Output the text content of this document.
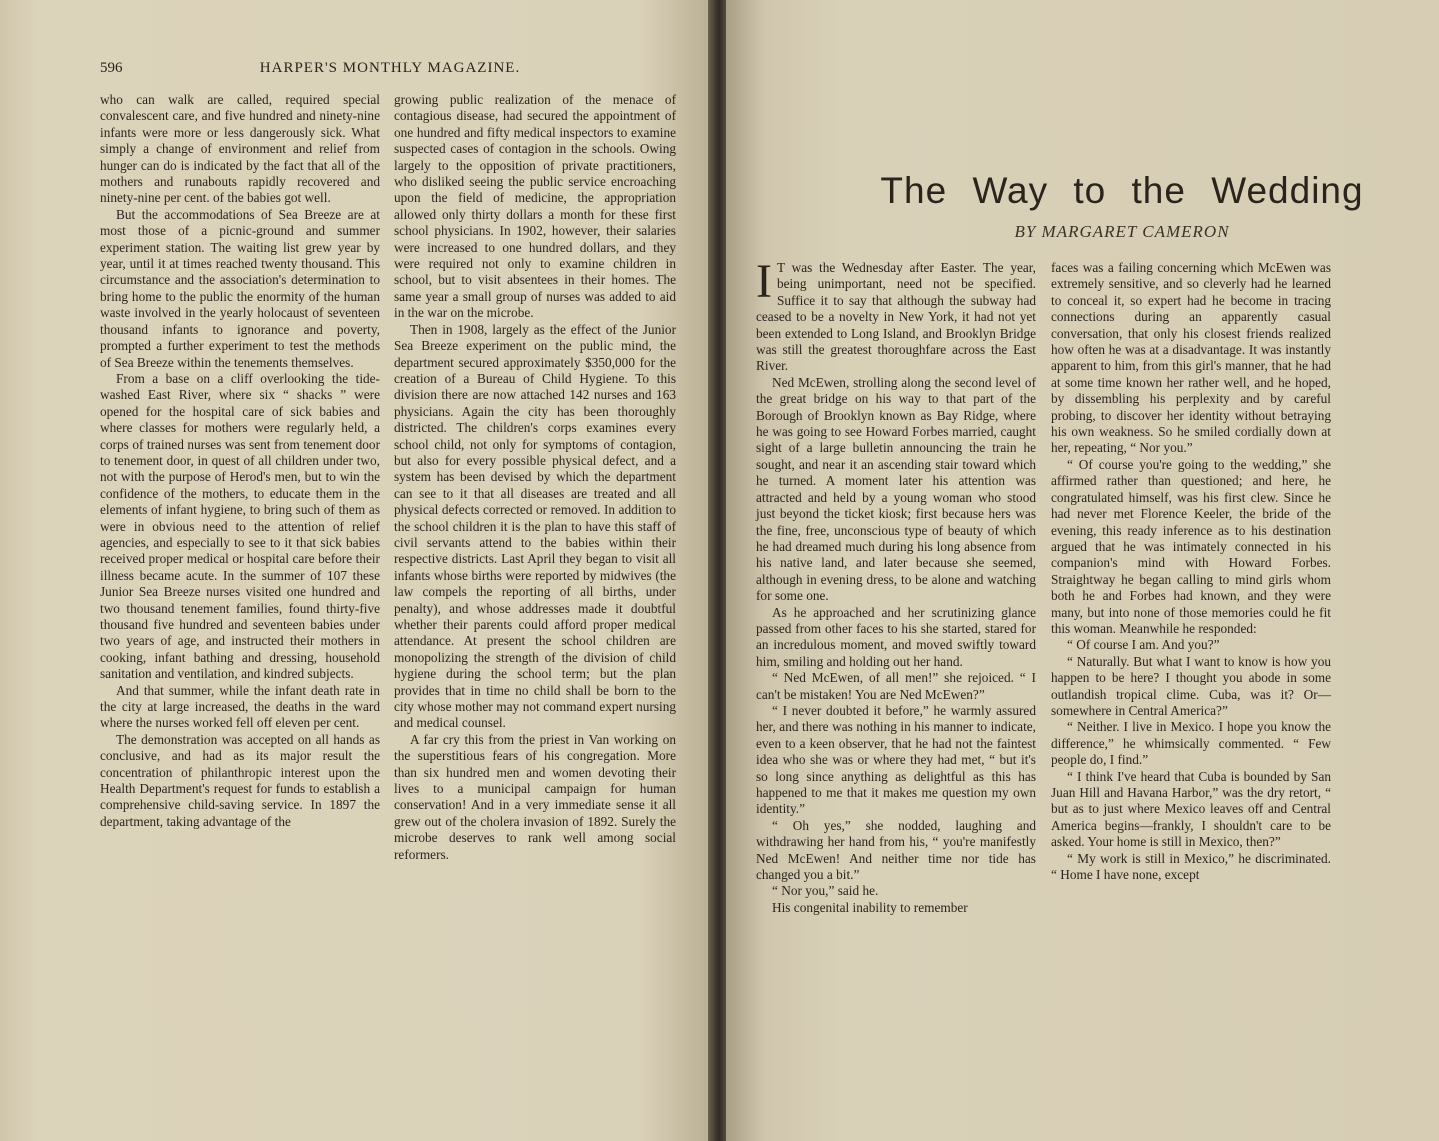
596	HARPER'S MONTHLY MAGAZINE.

who can walk are called, required special convalescent care, and five hundred and ninety-nine infants were more or less dangerously sick. What simply a change of environment and relief from hunger can do is indicated by the fact that all of the mothers and runabouts rapidly recovered and ninety-nine per cent. of the babies got well.

But the accommodations of Sea Breeze are at most those of a picnic-ground and summer experiment station. The waiting list grew year by year, until it at times reached twenty thousand. This circumstance and the association's determination to bring home to the public the enormity of the human waste involved in the yearly holocaust of seventeen thousand infants to ignorance and poverty, prompted a further experiment to test the methods of Sea Breeze within the tenements themselves.

From a base on a cliff overlooking the tide-washed East River, where six “ shacks ” were opened for the hospital care of sick babies and where classes for mothers were regularly held, a corps of trained nurses was sent from tenement door to tenement door, in quest of all children under two, not with the purpose of Herod's men, but to win the confidence of the mothers, to educate them in the elements of infant hygiene, to bring such of them as were in obvious need to the attention of relief agencies, and especially to see to it that sick babies received proper medical or hospital care before their illness became acute. In the summer of 107 these Junior Sea Breeze nurses visited one hundred and two thousand tenement families, found thirty-five thousand five hundred and seventeen babies under two years of age, and instructed their mothers in cooking, infant bathing and dressing, household sanitation and ventilation, and kindred subjects.

And that summer, while the infant death rate in the city at large increased, the deaths in the ward where the nurses worked fell off eleven per cent.

The demonstration was accepted on all hands as conclusive, and had as its major result the concentration of philanthropic interest upon the Health Department's request for funds to establish a comprehensive child-saving service. In 1897 the department, taking advantage of the

growing public realization of the menace of contagious disease, had secured the appointment of one hundred and fifty medical inspectors to examine suspected cases of contagion in the schools. Owing largely to the opposition of private practitioners, who disliked seeing the public service encroaching upon the field of medicine, the appropriation allowed only thirty dollars a month for these first school physicians. In 1902, however, their salaries were increased to one hundred dollars, and they were required not only to examine children in school, but to visit absentees in their homes. The same year a small group of nurses was added to aid in the war on the microbe.

Then in 1908, largely as the effect of the Junior Sea Breeze experiment on the public mind, the department secured approximately $350,000 for the creation of a Bureau of Child Hygiene. To this division there are now attached 142 nurses and 163 physicians. Again the city has been thoroughly districted. The children's corps examines every school child, not only for symptoms of contagion, but also for every possible physical defect, and a system has been devised by which the department can see to it that all diseases are treated and all physical defects corrected or removed. In addition to the school children it is the plan to have this staff of civil servants attend to the babies within their respective districts. Last April they began to visit all infants whose births were reported by midwives (the law compels the reporting of all births, under penalty), and whose addresses made it doubtful whether their parents could afford proper medical attendance. At present the school children are monopolizing the strength of the division of child hygiene during the school term; but the plan provides that in time no child shall be born to the city whose mother may not command expert nursing and medical counsel.

A far cry this from the priest in Van working on the superstitious fears of his congregation. More than six hundred men and women devoting their lives to a municipal campaign for human conservation! And in a very immediate sense it all grew out of the cholera invasion of 1892. Surely the microbe deserves to rank well among social reformers.

The Way to the Wedding
BY MARGARET CAMERON

I T was the Wednesday after Easter. The year, being unimportant, need not be specified. Suffice it to say that although the subway had ceased to be a novelty in New York, it had not yet been extended to Long Island, and Brooklyn Bridge was still the greatest thoroughfare across the East River.

Ned McEwen, strolling along the second level of the great bridge on his way to that part of the Borough of Brooklyn known as Bay Ridge, where he was going to see Howard Forbes married, caught sight of a large bulletin announcing the train he sought, and near it an ascending stair toward which he turned. A moment later his attention was attracted and held by a young woman who stood just beyond the ticket kiosk; first because hers was the fine, free, unconscious type of beauty of which he had dreamed much during his long absence from his native land, and later because she seemed, although in evening dress, to be alone and watching for some one.

As he approached and her scrutinizing glance passed from other faces to his she started, stared for an incredulous moment, and moved swiftly toward him, smiling and holding out her hand.

“ Ned McEwen, of all men!” she rejoiced. “ I can't be mistaken! You are Ned McEwen?”

“ I never doubted it before,” he warmly assured her, and there was nothing in his manner to indicate, even to a keen observer, that he had not the faintest idea who she was or where they had met, “ but it's so long since anything as delightful as this has happened to me that it makes me question my own identity.”

“ Oh yes,” she nodded, laughing and withdrawing her hand from his, “ you're manifestly Ned McEwen! And neither time nor tide has changed you a bit.”

“ Nor you,” said he.

His congenital inability to remember

faces was a failing concerning which McEwen was extremely sensitive, and so cleverly had he learned to conceal it, so expert had he become in tracing connections during an apparently casual conversation, that only his closest friends realized how often he was at a disadvantage. It was instantly apparent to him, from this girl's manner, that he had at some time known her rather well, and he hoped, by dissembling his perplexity and by careful probing, to discover her identity without betraying his own weakness. So he smiled cordially down at her, repeating, “ Nor you.”

“ Of course you're going to the wedding,” she affirmed rather than questioned; and here, he congratulated himself, was his first clew. Since he had never met Florence Keeler, the bride of the evening, this ready inference as to his destination argued that he was intimately connected in his companion's mind with Howard Forbes. Straightway he began calling to mind girls whom both he and Forbes had known, and they were many, but into none of those memories could he fit this woman. Meanwhile he responded:

“ Of course I am. And you?”

“ Naturally. But what I want to know is how you happen to be here? I thought you abode in some outlandish tropical clime. Cuba, was it? Or—somewhere in Central America?”

“ Neither. I live in Mexico. I hope you know the difference,” he whimsically commented. “ Few people do, I find.”

“ I think I've heard that Cuba is bounded by San Juan Hill and Havana Harbor,” was the dry retort, “ but as to just where Mexico leaves off and Central America begins—frankly, I shouldn't care to be asked. Your home is still in Mexico, then?”

“ My work is still in Mexico,” he discriminated. “ Home I have none, except
